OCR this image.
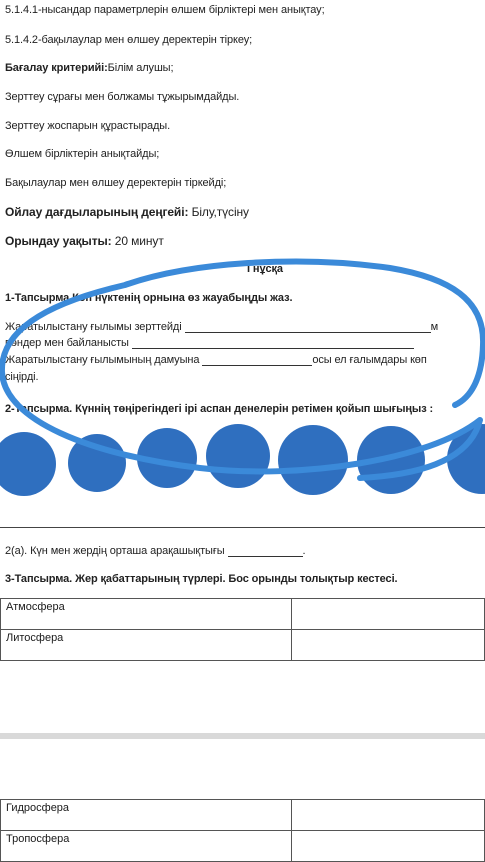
5.1.4.1-нысандар параметрлерін өлшем бірліктері мен анықтау;
5.1.4.2-бақылаулар мен өлшеу деректерін тіркеу;
Бағалау критерийі:Білім алушы;
Зерттеу сұрағы мен болжамы тұжырымдайды.
Зерттеу жоспарын құрастырады.
Өлшем бірліктерін анықтайды;
Бақылаулар мен өлшеу деректерін тіркейді;
Ойлау дағдыларының деңгейі: Білу,түсіну
Орындау уақыты: 20 минут
І нұсқа
1-Тапсырма.Көп нүктенің орнына өз жауабыңды жаз.
Жаратылыстану ғылымы зерттейді	м
пәндер мен байланысты
Жаратылыстану ғылымының дамуына	осы ел ғалымдары көп
сіңірді.
2-Тапсырма. Күннің төңірегіндегі ірі аспан денелерін ретімен қойып шығыңыз :
2(а). Күн мен жердің орташа арақашықтығы	.
3-Тапсырма. Жер қабаттарының түрлері. Бос орынды толықтыр кестесі.
Атмосфера	
Литосфера	
Гидросфера	
Тропосфера	
